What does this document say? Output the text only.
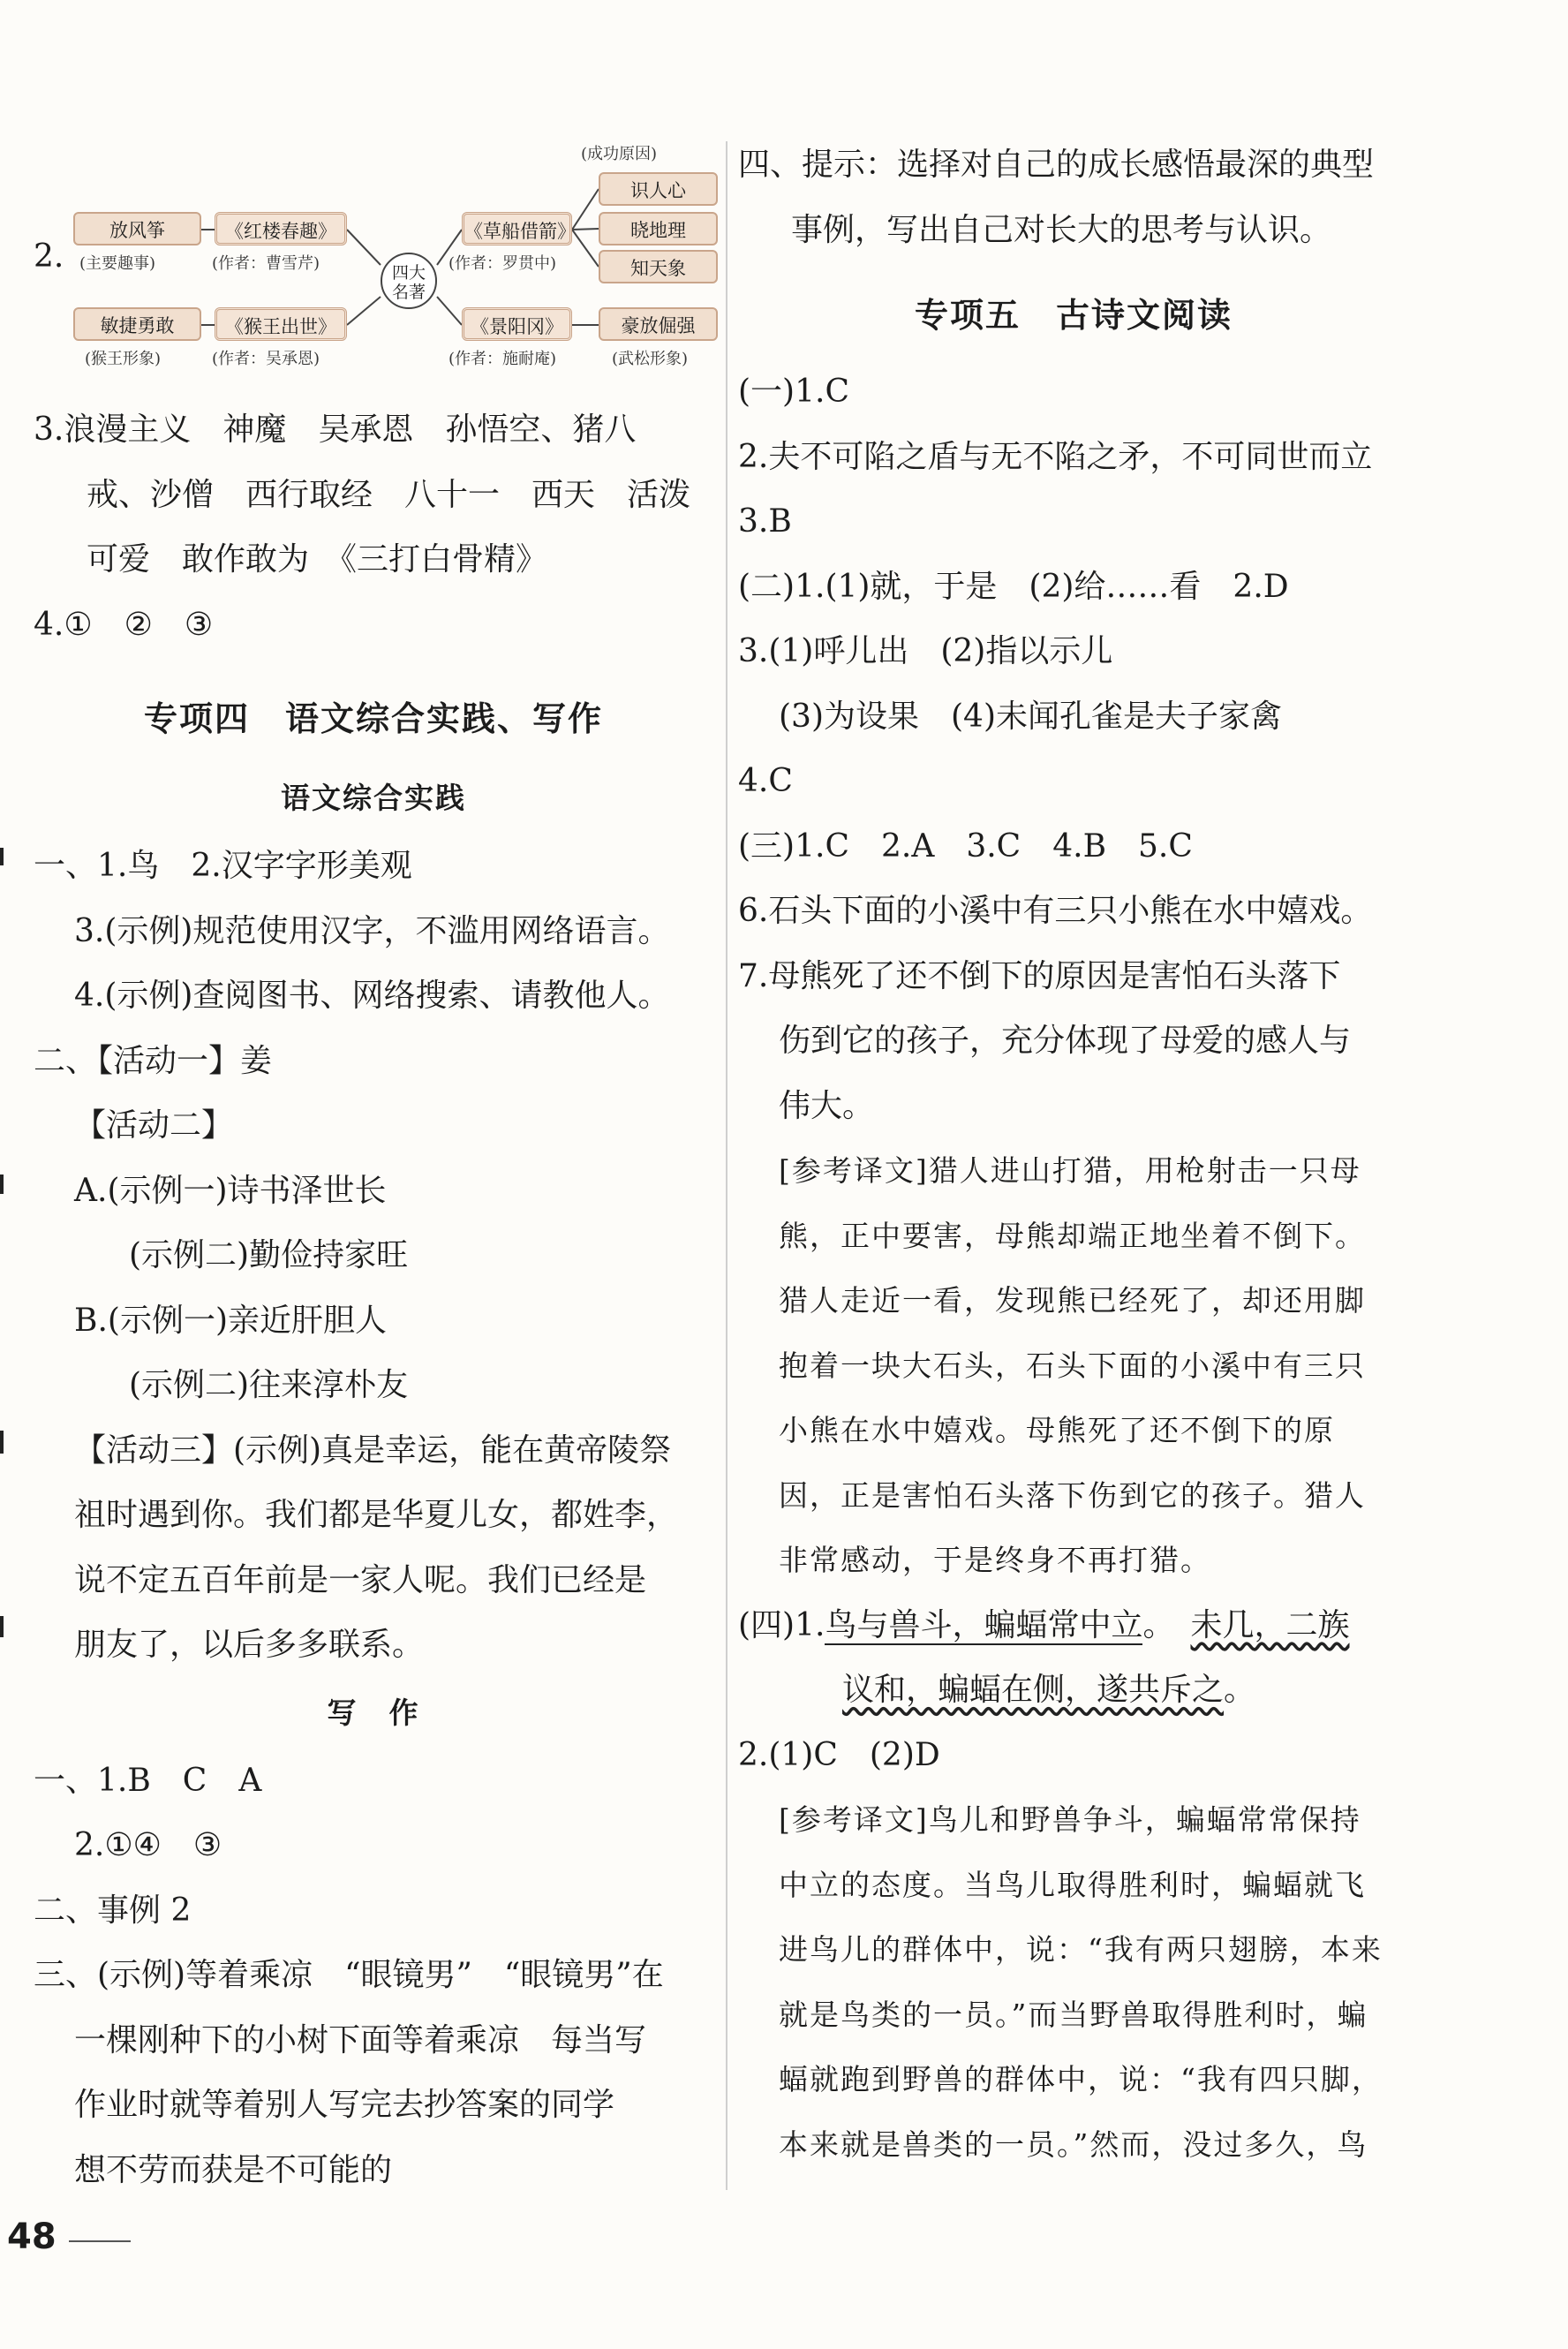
(成功原因)
2.
放风筝
(主要趣事)
《红楼春趣》
(作者：曹雪芹)
敏捷勇敢
(猴王形象)
《猴王出世》
(作者：吴承恩)
四大
名著
《草船借箭》
(作者：罗贯中)
识人心
晓地理
知天象
《景阳冈》
(作者：施耐庵)
豪放倔强
(武松形象)
3.浪漫主义　神魔　吴承恩　孙悟空、猪八
戒、沙僧　西行取经　八十一　西天　活泼
可爱　敢作敢为　《三打白骨精》
4.①　②　③
专项四　语文综合实践、写作
语文综合实践
一、1.鸟　2.汉字字形美观
3.(示例)规范使用汉字，不滥用网络语言。
4.(示例)查阅图书、网络搜索、请教他人。
二、【活动一】姜
【活动二】
A.(示例一)诗书泽世长
(示例二)勤俭持家旺
B.(示例一)亲近肝胆人
(示例二)往来淳朴友
【活动三】(示例)真是幸运，能在黄帝陵祭
祖时遇到你。我们都是华夏儿女，都姓李，
说不定五百年前是一家人呢。我们已经是
朋友了，以后多多联系。
写　作
一、1.B　C　A
2.①④　③
二、事例 2
三、(示例)等着乘凉　“眼镜男”　“眼镜男”在
一棵刚种下的小树下面等着乘凉　每当写
作业时就等着别人写完去抄答案的同学
想不劳而获是不可能的
四、提示：选择对自己的成长感悟最深的典型
事例，写出自己对长大的思考与认识。
专项五　古诗文阅读
(一)1.C
2.夫不可陷之盾与无不陷之矛，不可同世而立
3.B
(二)1.(1)就，于是　(2)给……看　2.D
3.(1)呼儿出　(2)指以示儿
(3)为设果　(4)未闻孔雀是夫子家禽
4.C
(三)1.C　2.A　3.C　4.B　5.C
6.石头下面的小溪中有三只小熊在水中嬉戏。
7.母熊死了还不倒下的原因是害怕石头落下
伤到它的孩子，充分体现了母爱的感人与
伟大。
[参考译文]猎人进山打猎，用枪射击一只母
熊，正中要害，母熊却端正地坐着不倒下。
猎人走近一看，发现熊已经死了，却还用脚
抱着一块大石头，石头下面的小溪中有三只
小熊在水中嬉戏。母熊死了还不倒下的原
因，正是害怕石头落下伤到它的孩子。猎人
非常感动，于是终身不再打猎。
(四)1.鸟与兽斗，蝙蝠常中立。　未几，二族
议和，蝙蝠在侧，遂共斥之。
2.(1)C　(2)D
[参考译文]鸟儿和野兽争斗，蝙蝠常常保持
中立的态度。当鸟儿取得胜利时，蝙蝠就飞
进鸟儿的群体中，说：“我有两只翅膀，本来
就是鸟类的一员。”而当野兽取得胜利时，蝙
蝠就跑到野兽的群体中，说：“我有四只脚，
本来就是兽类的一员。”然而，没过多久，鸟
48
